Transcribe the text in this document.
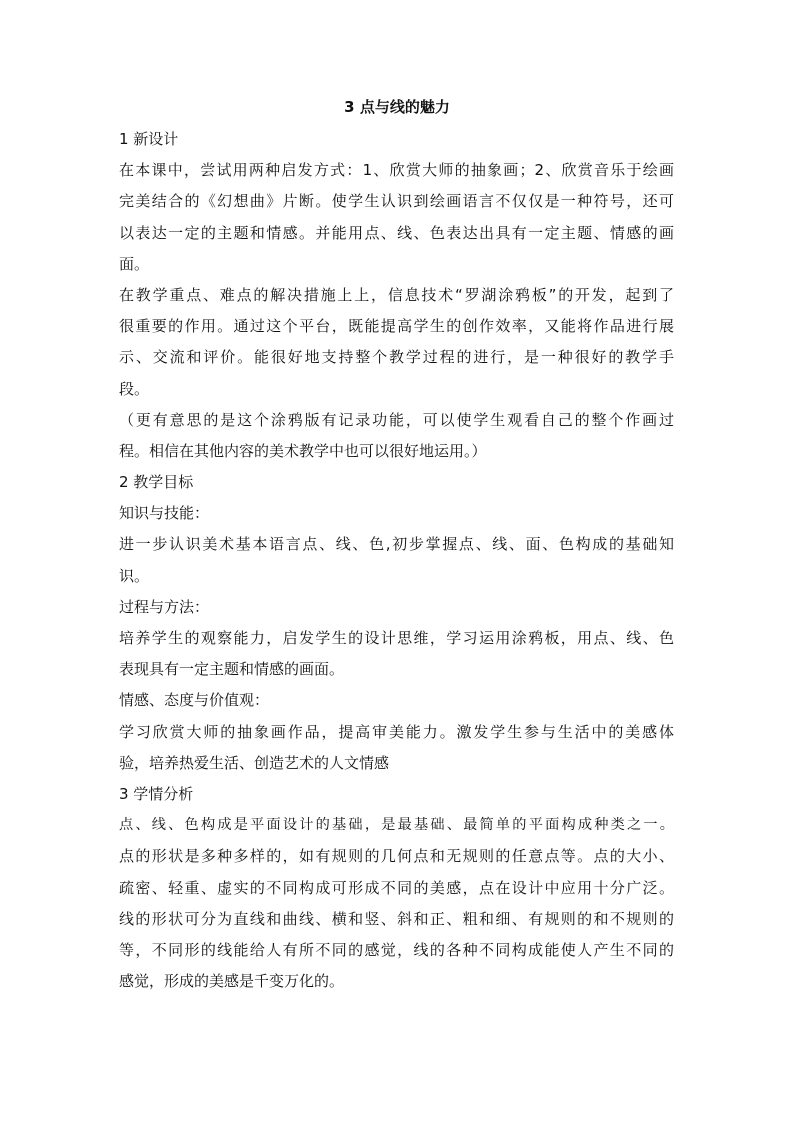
3 点与线的魅力
1 新设计
在本课中，尝试用两种启发方式：1、欣赏大师的抽象画；2、欣赏音乐于绘画
完美结合的《幻想曲》片断。使学生认识到绘画语言不仅仅是一种符号，还可
以表达一定的主题和情感。并能用点、线、色表达出具有一定主题、情感的画
面。
在教学重点、难点的解决措施上上，信息技术“罗湖涂鸦板”的开发，起到了
很重要的作用。通过这个平台，既能提高学生的创作效率，又能将作品进行展
示、交流和评价。能很好地支持整个教学过程的进行，是一种很好的教学手
段。
（更有意思的是这个涂鸦版有记录功能，可以使学生观看自己的整个作画过
程。相信在其他内容的美术教学中也可以很好地运用。）
2 教学目标
知识与技能：
进一步认识美术基本语言点、线、色,初步掌握点、线、面、色构成的基础知
识。
过程与方法：
培养学生的观察能力，启发学生的设计思维，学习运用涂鸦板，用点、线、色
表现具有一定主题和情感的画面。
情感、态度与价值观：
学习欣赏大师的抽象画作品，提高审美能力。激发学生参与生活中的美感体
验，培养热爱生活、创造艺术的人文情感
3 学情分析
点、线、色构成是平面设计的基础，是最基础、最简单的平面构成种类之一。
点的形状是多种多样的，如有规则的几何点和无规则的任意点等。点的大小、
疏密、轻重、虚实的不同构成可形成不同的美感，点在设计中应用十分广泛。
线的形状可分为直线和曲线、横和竖、斜和正、粗和细、有规则的和不规则的
等，不同形的线能给人有所不同的感觉，线的各种不同构成能使人产生不同的
感觉，形成的美感是千变万化的。
